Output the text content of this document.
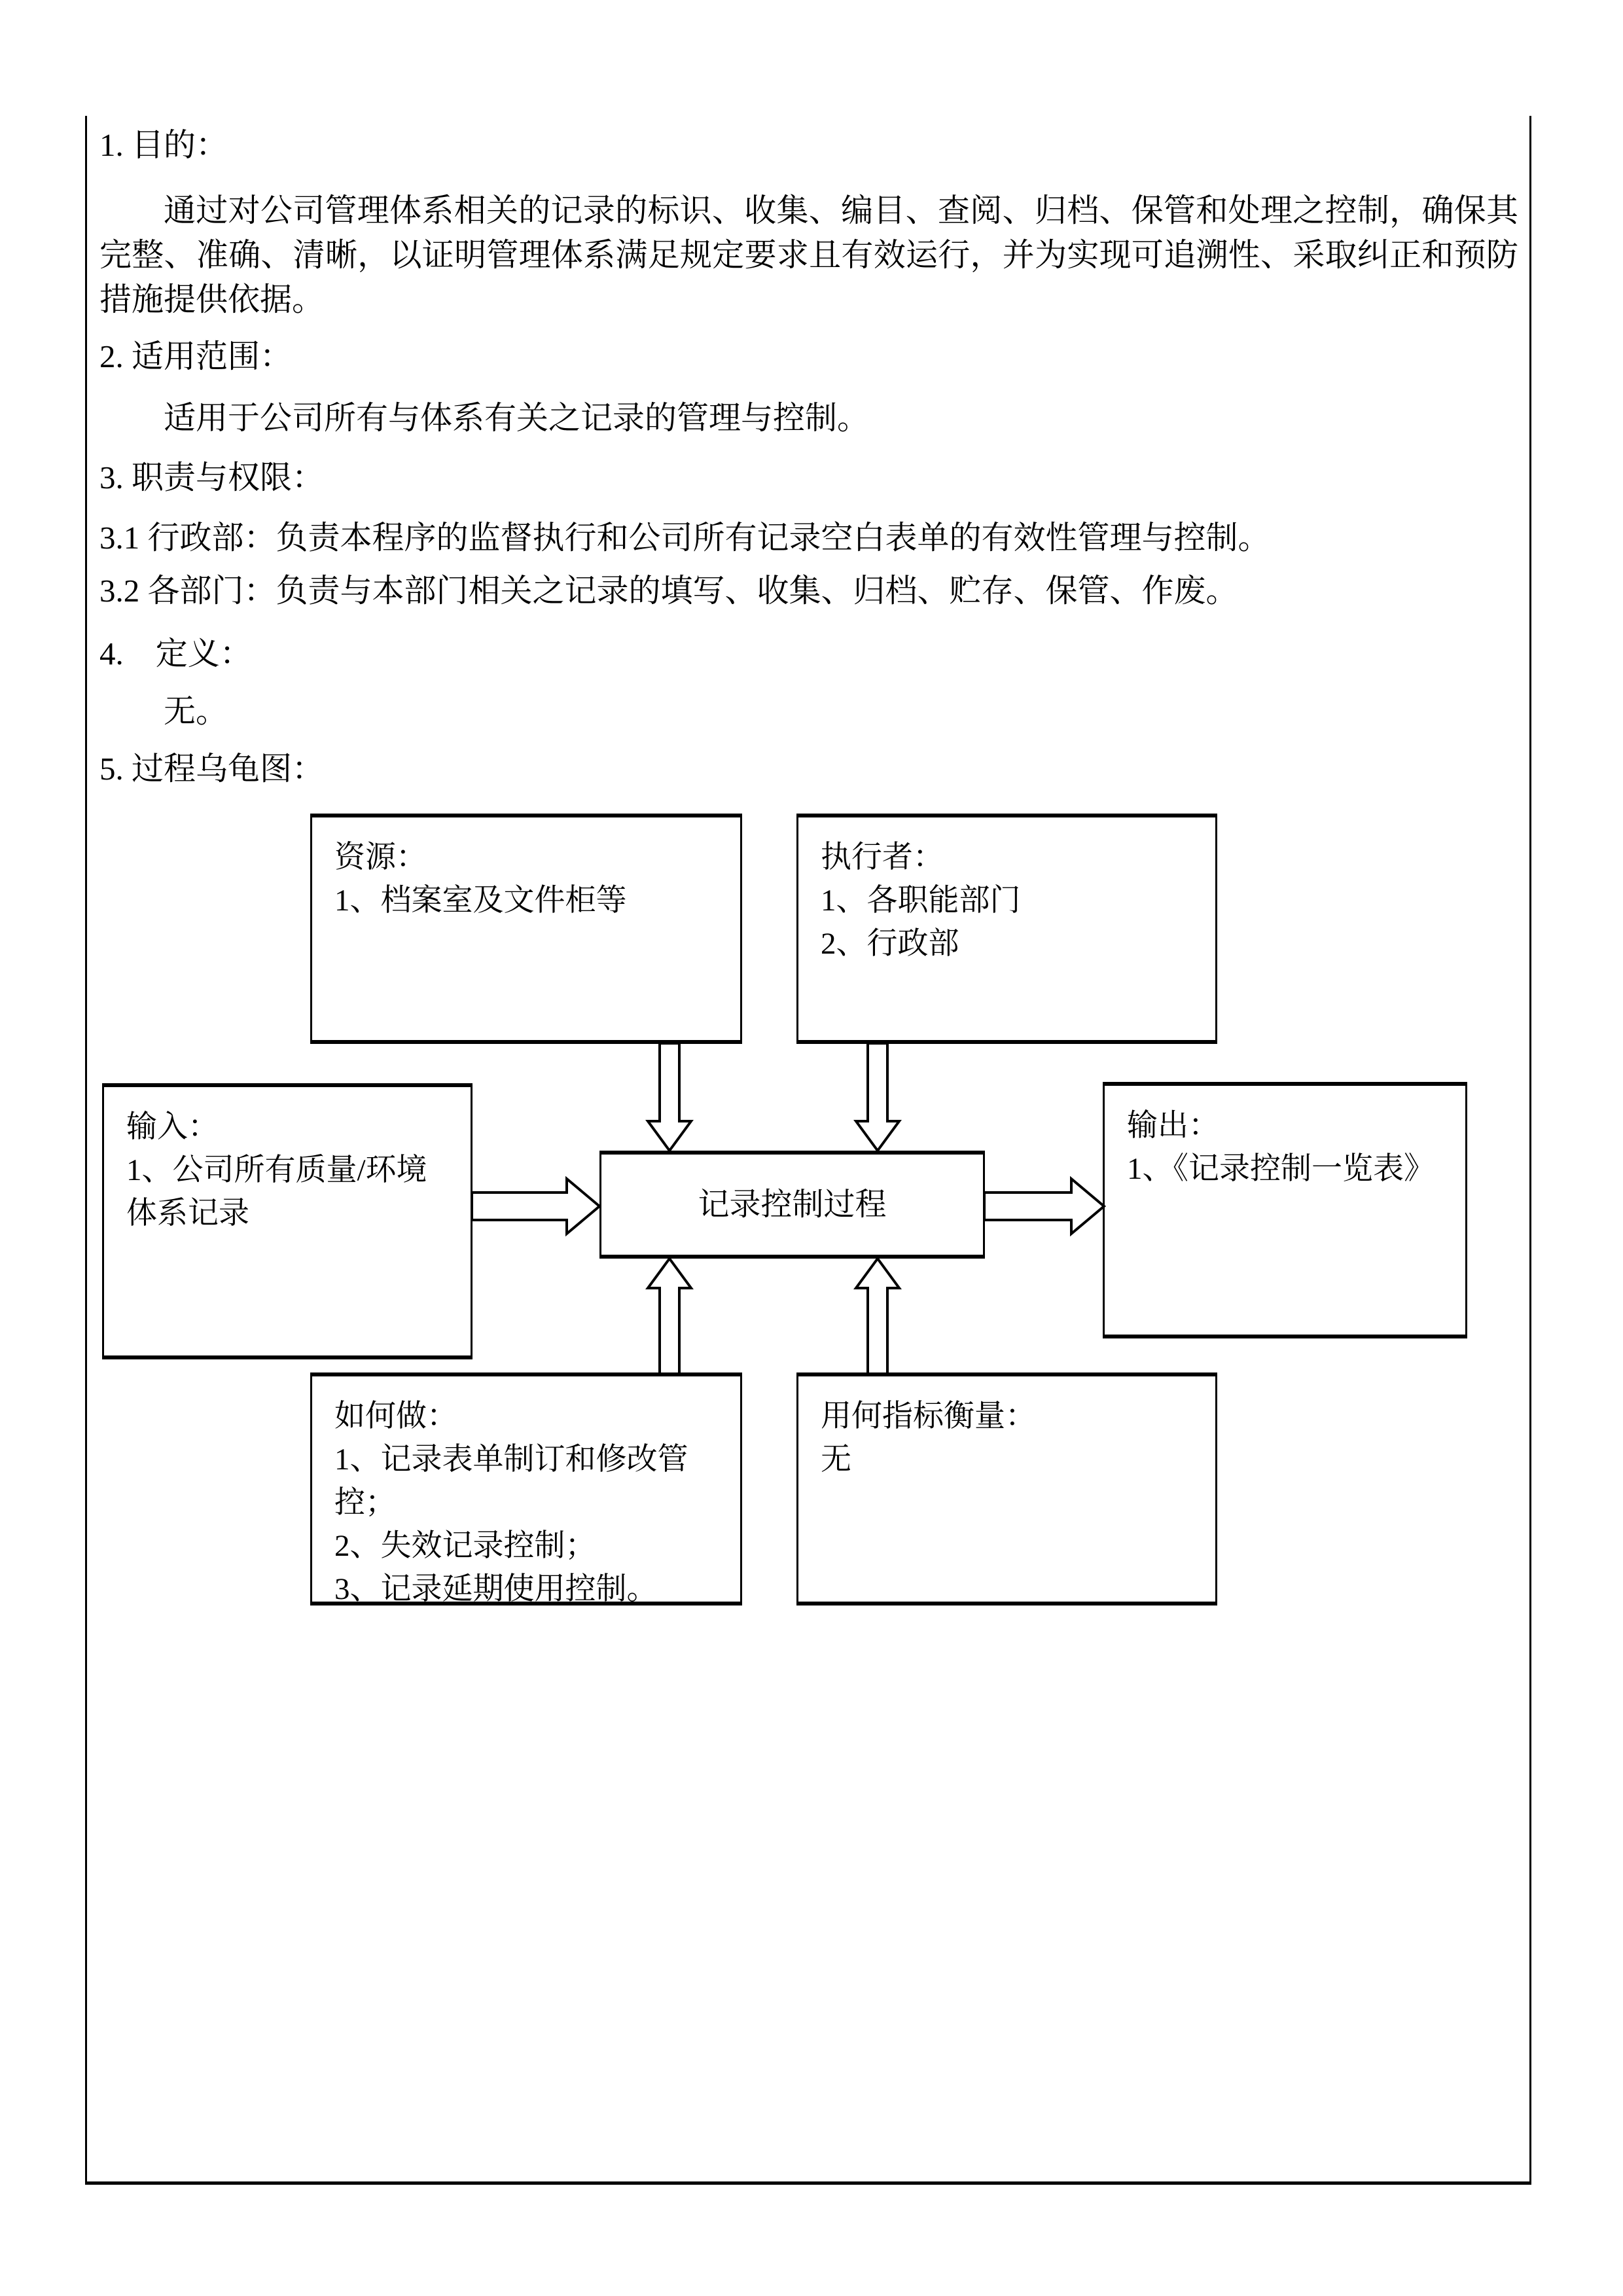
1. 目的：
通过对公司管理体系相关的记录的标识、收集、编目、查阅、归档、保管和处理之控制，确保其完整、准确、清晰，以证明管理体系满足规定要求且有效运行，并为实现可追溯性、采取纠正和预防措施提供依据。
2. 适用范围：
适用于公司所有与体系有关之记录的管理与控制。
3. 职责与权限：
3.1 行政部：负责本程序的监督执行和公司所有记录空白表单的有效性管理与控制。
3.2 各部门：负责与本部门相关之记录的填写、收集、归档、贮存、保管、作废。
4.　定义：
无。
5. 过程乌龟图：
资源：
1、档案室及文件柜等
执行者：
1、各职能部门
2、行政部
输入：
1、公司所有质量/环境体系记录	记录控制过程
输出：
1、《记录控制一览表》
如何做：
1、记录表单制订和修改管控；
2、失效记录控制；
3、记录延期使用控制。
用何指标衡量：
无
